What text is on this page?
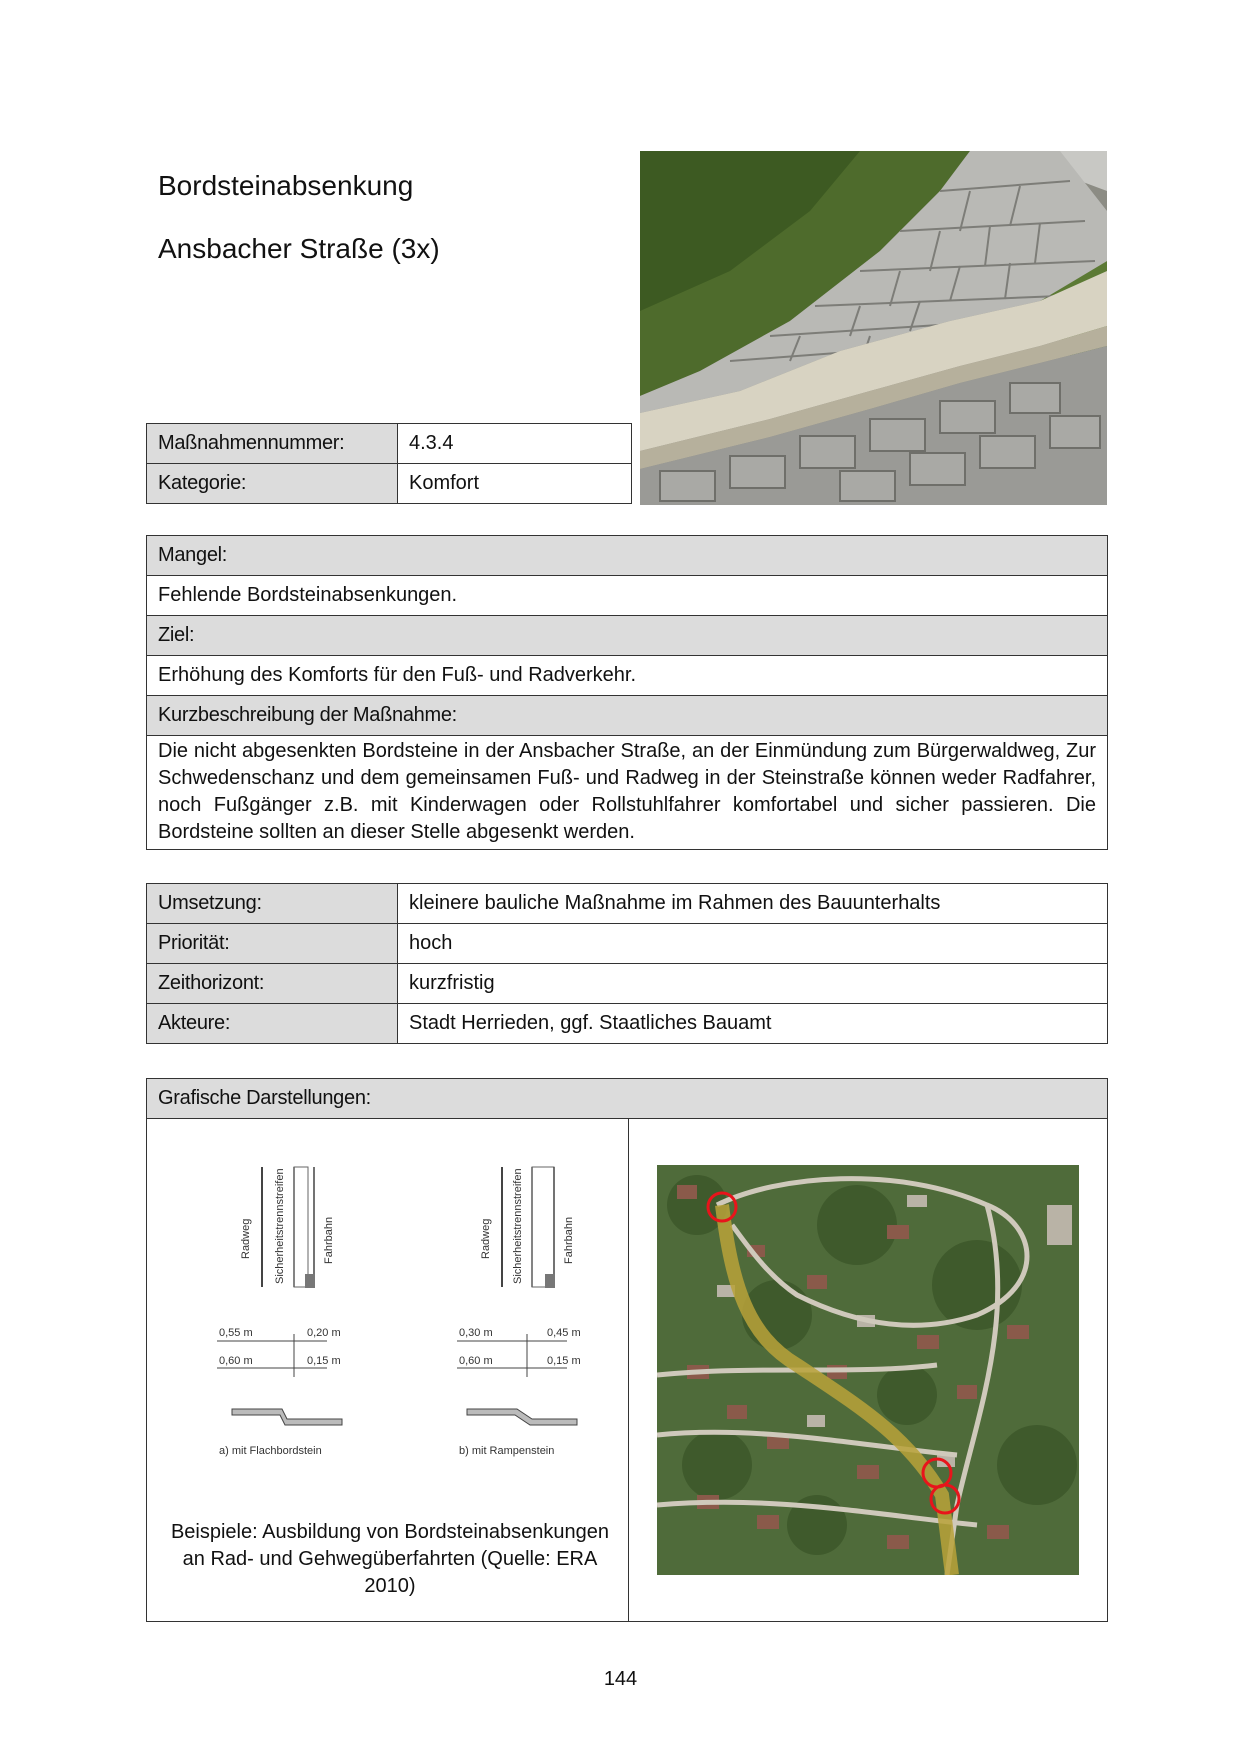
Bordsteinabsenkung
Ansbacher Straße (3x)
Maßnahmennummer:	4.3.4
Kategorie:	Komfort
Mangel:
Fehlende Bordsteinabsenkungen.
Ziel:
Erhöhung des Komforts für den Fuß- und Radverkehr.
Kurzbeschreibung der Maßnahme:
Die nicht abgesenkten Bordsteine in der Ansbacher Straße, an der Einmündung zum Bürgerwaldweg, Zur Schwedenschanz und dem gemeinsamen Fuß- und Radweg in der Steinstraße können weder Radfahrer, noch Fußgänger z.B. mit Kinderwagen oder Rollstuhlfahrer komfortabel und sicher passieren. Die Bordsteine sollten an dieser Stelle abgesenkt werden.
Umsetzung:	kleinere bauliche Maßnahme im Rahmen des Bauunterhalts
Priorität:	hoch
Zeithorizont:	kurzfristig
Akteure:	Stadt Herrieden, ggf. Staatliches Bauamt
Grafische Darstellungen:

Radweg Sicherheitstrennstreifen	Fahrbahn
0,55 m	0,20 m
0,60 m	0,15 m
a) mit Flachbordstein
Radweg Sicherheitstrennstreifen	Fahrbahn
0,30 m	0,45 m
0,60 m	0,15 m
b) mit Rampenstein
Beispiele: Ausbildung von Bordsteinabsenkungen an Rad- und Gehwegüberfahrten (Quelle: ERA 2010)

144
